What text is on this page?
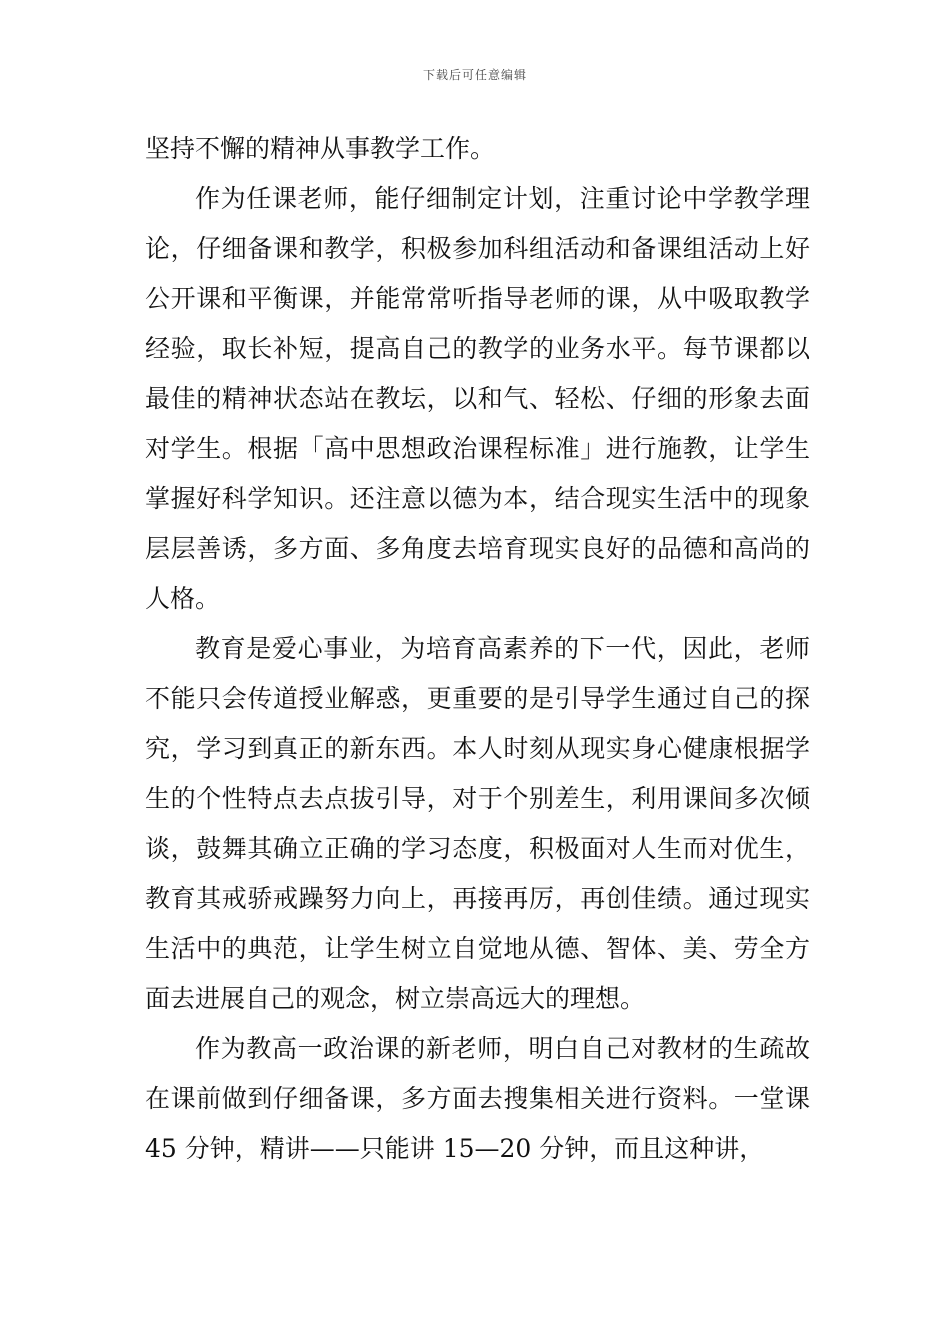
下载后可任意编辑

坚持不懈的精神从事教学工作。

作为任课老师，能仔细制定计划，注重讨论中学教学理论，仔细备课和教学，积极参加科组活动和备课组活动上好公开课和平衡课，并能常常听指导老师的课，从中吸取教学经验，取长补短，提高自己的教学的业务水平。每节课都以最佳的精神状态站在教坛，以和气、轻松、仔细的形象去面对学生。根据「高中思想政治课程标准」进行施教，让学生掌握好科学知识。还注意以德为本，结合现实生活中的现象层层善诱，多方面、多角度去培育现实良好的品德和高尚的人格。

教育是爱心事业，为培育高素养的下一代，因此，老师不能只会传道授业解惑，更重要的是引导学生通过自己的探究，学习到真正的新东西。本人时刻从现实身心健康根据学生的个性特点去点拔引导，对于个别差生，利用课间多次倾谈，鼓舞其确立正确的学习态度，积极面对人生而对优生，教育其戒骄戒躁努力向上，再接再厉，再创佳绩。通过现实生活中的典范，让学生树立自觉地从德、智体、美、劳全方面去进展自己的观念，树立崇高远大的理想。

作为教高一政治课的新老师，明白自己对教材的生疏故在课前做到仔细备课，多方面去搜集相关进行资料。一堂课 45 分钟，精讲——只能讲 15—20 分钟，而且这种讲，
